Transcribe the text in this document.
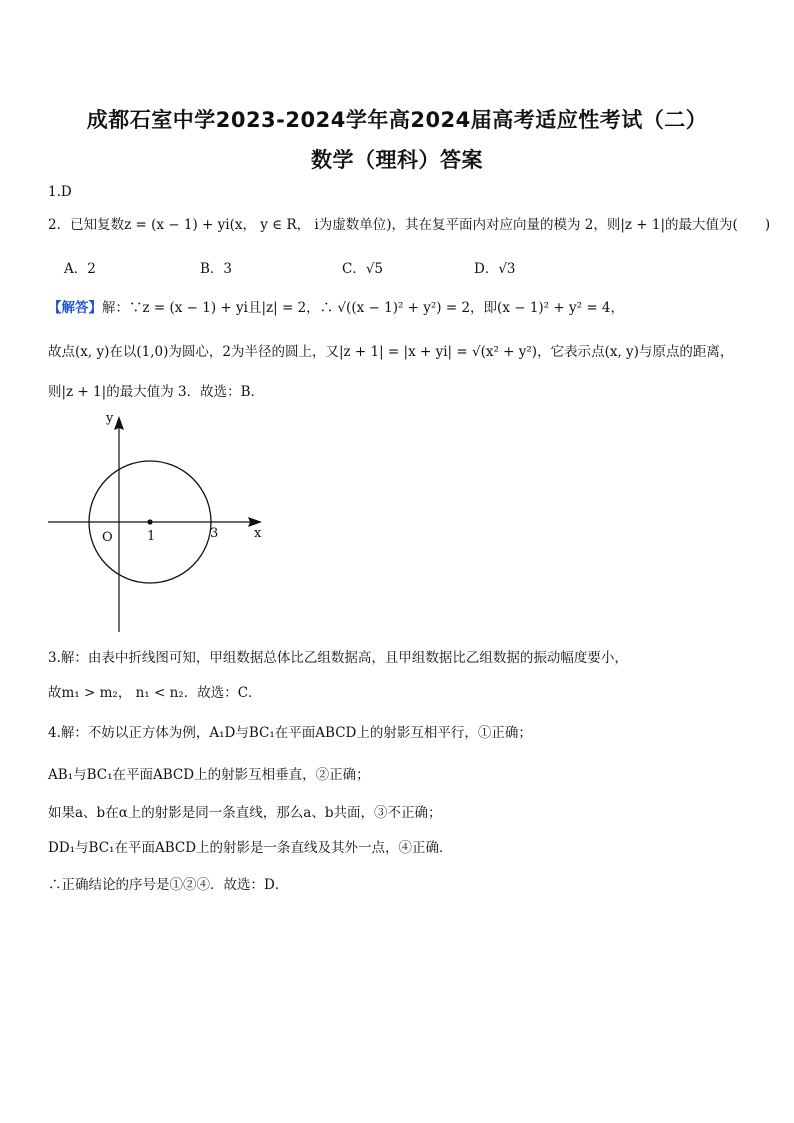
成都石室中学2023-2024学年高2024届高考适应性考试（二）
数学（理科）答案
1.D
2．已知复数z = (x − 1) + yi(x， y ∈ R， i为虚数单位)，其在复平面内对应向量的模为 2，则|z + 1|的最大值为(　　)
A．2	B．3	C．√5	D．√3
【解答】解：∵z = (x − 1) + yi且|z| = 2，∴ √((x − 1)² + y²) = 2，即(x − 1)² + y² = 4，
故点(x, y)在以(1,0)为圆心，2为半径的圆上，又|z + 1| = |x + yi| = √(x² + y²)，它表示点(x, y)与原点的距离，
则|z + 1|的最大值为 3．故选：B．
y
x
O	1	3
3.解：由表中折线图可知，甲组数据总体比乙组数据高，且甲组数据比乙组数据的振动幅度要小，
故m₁ > m₂， n₁ < n₂．故选：C．
4.解：不妨以正方体为例，A₁D与BC₁在平面ABCD上的射影互相平行，①正确；
AB₁与BC₁在平面ABCD上的射影互相垂直，②正确；
如果a、b在α上的射影是同一条直线，那么a、b共面，③不正确；
DD₁与BC₁在平面ABCD上的射影是一条直线及其外一点，④正确．
∴正确结论的序号是①②④．故选：D．
